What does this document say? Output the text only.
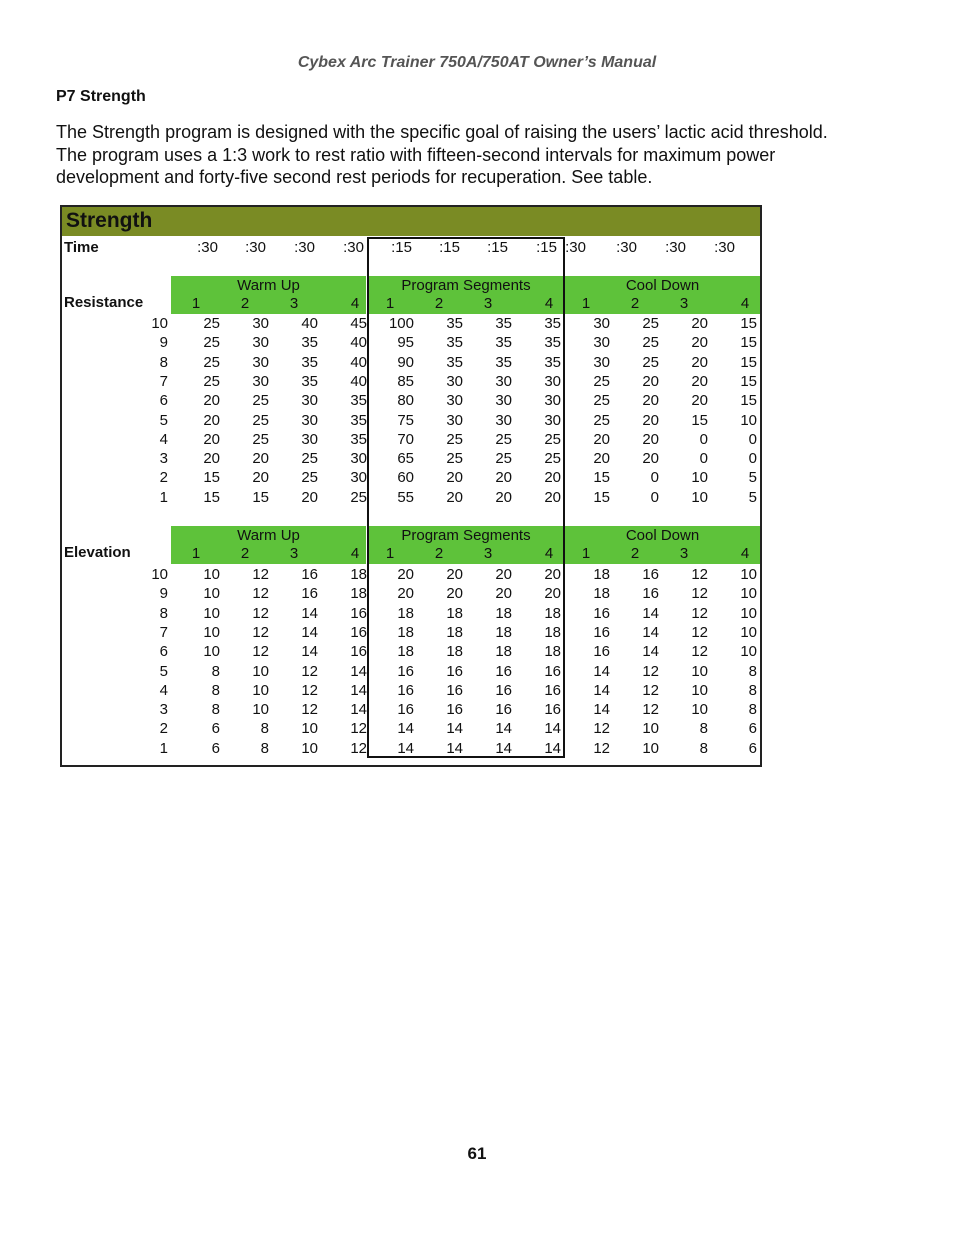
Cybex Arc Trainer 750A/750AT Owner’s Manual
P7 Strength

The Strength program is designed with the specific goal of raising the users’ lactic acid threshold.

The program uses a 1:3 work to rest ratio with fifteen-second intervals for maximum power

development and forty-five second rest periods for recuperation. See table.

Strength
Time	:30	:30	:30	:30	:15	:15	:15	:15 :30	:30	:30	:30
Warm Up	Program Segments	Cool Down
1	2	3	4	1	2	3	4	1	2	3	4
Resistance
10	25	30	40	45	100	35	35	35	30	25	20	15
9	25	30	35	40	95	35	35	35	30	25	20	15
8	25	30	35	40	90	35	35	35	30	25	20	15
7	25	30	35	40	85	30	30	30	25	20	20	15
6	20	25	30	35	80	30	30	30	25	20	20	15
5	20	25	30	35	75	30	30	30	25	20	15	10
4	20	25	30	35	70	25	25	25	20	20	0	0
3	20	20	25	30	65	25	25	25	20	20	0	0
2	15	20	25	30	60	20	20	20	15	0	10	5
1	15	15	20	25	55	20	20	20	15	0	10	5
Warm Up	Program Segments	Cool Down
1	2	3	4	1	2	3	4	1	2	3	4
Elevation
10	10	12	16	18	20	20	20	20	18	16	12	10
9	10	12	16	18	20	20	20	20	18	16	12	10
8	10	12	14	16	18	18	18	18	16	14	12	10
7	10	12	14	16	18	18	18	18	16	14	12	10
6	10	12	14	16	18	18	18	18	16	14	12	10
5	8	10	12	14	16	16	16	16	14	12	10	8
4	8	10	12	14	16	16	16	16	14	12	10	8
3	8	10	12	14	16	16	16	16	14	12	10	8
2	6	8	10	12	14	14	14	14	12	10	8	6
1	6	8	10	12	14	14	14	14	12	10	8	6
61
